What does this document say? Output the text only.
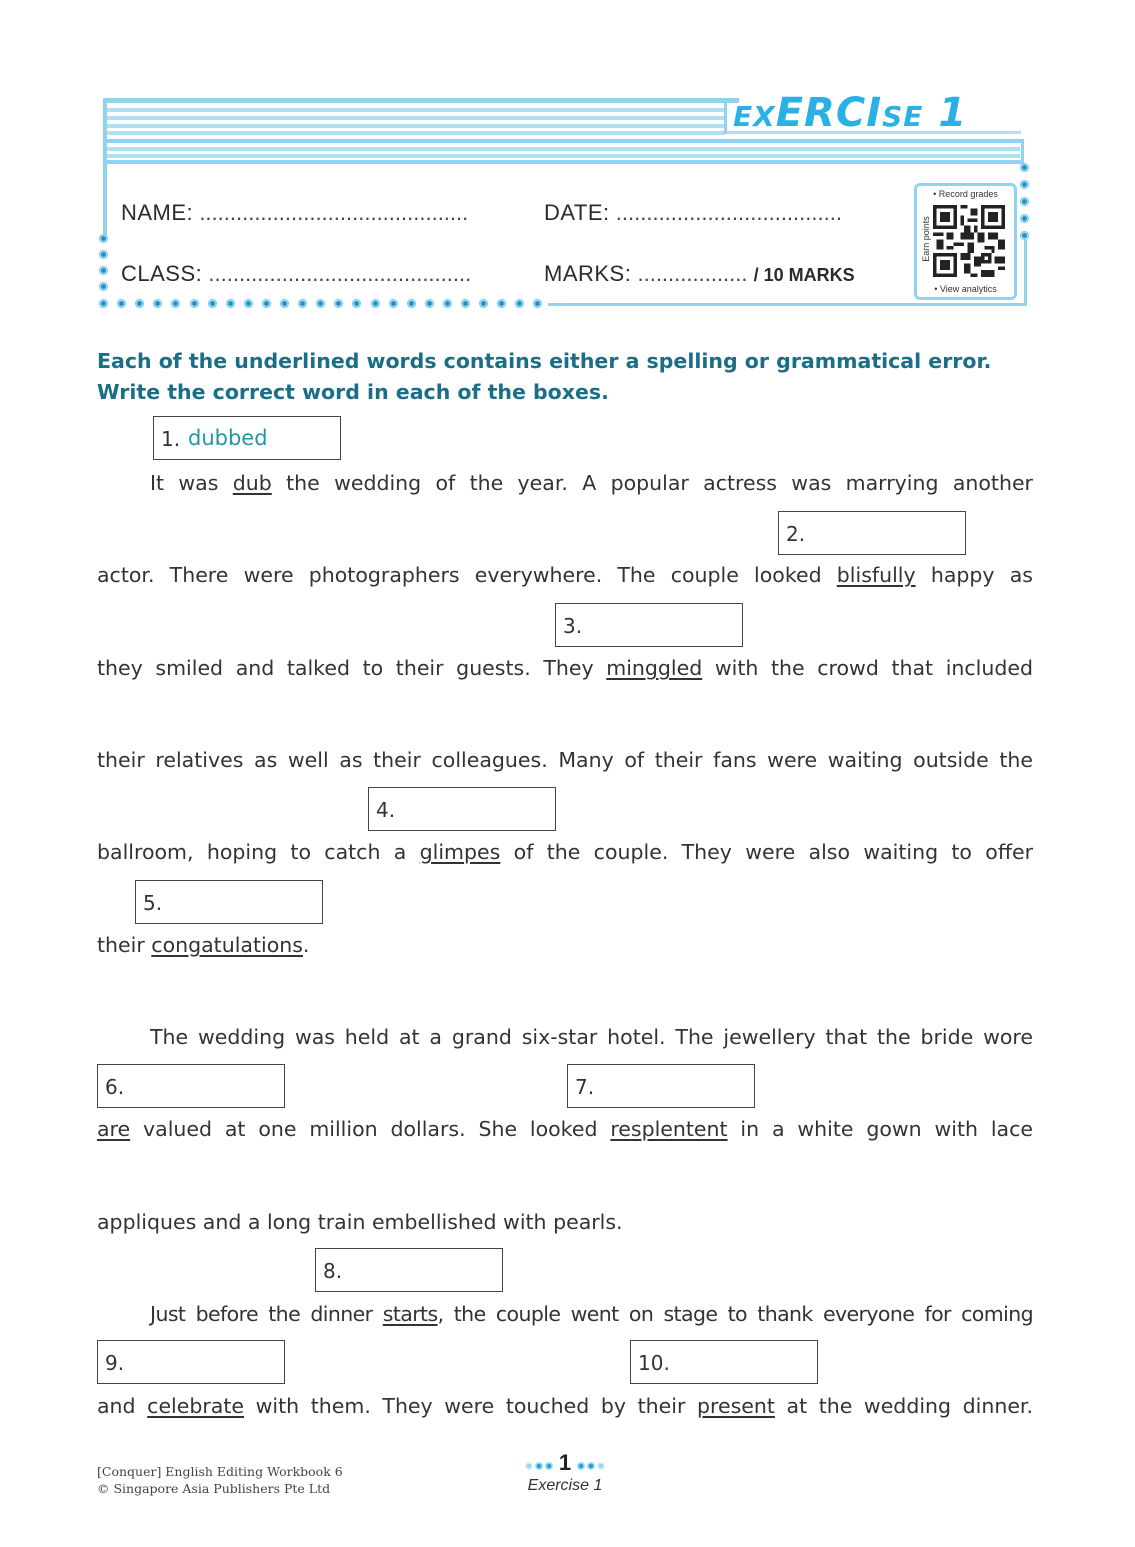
EXERCISE 1
NAME: ............................................	DATE: .....................................
CLASS: ...........................................	MARKS: .................. / 10 MARKS
• Record grades
Earn points
• View analytics
Each of the underlined words contains either a spelling or grammatical error.
Write the correct word in each of the boxes.
1. dubbed
2.
3.
4.
5.
6.	7.
8.
9.	10.
It was dub the wedding of the year. A popular actress was marrying another
actor. There were photographers everywhere. The couple looked blisfully happy as
they smiled and talked to their guests. They minggled with the crowd that included
their relatives as well as their colleagues. Many of their fans were waiting outside the
ballroom, hoping to catch a glimpes of the couple. They were also waiting to offer
their congatulations.
The wedding was held at a grand six-star hotel. The jewellery that the bride wore
are valued at one million dollars. She looked resplentent in a white gown with lace
appliques and a long train embellished with pearls.
Just before the dinner starts, the couple went on stage to thank everyone for coming
and celebrate with them. They were touched by their present at the wedding dinner.
[Conquer] English Editing Workbook 6
© Singapore Asia Publishers Pte Ltd
1
Exercise 1
